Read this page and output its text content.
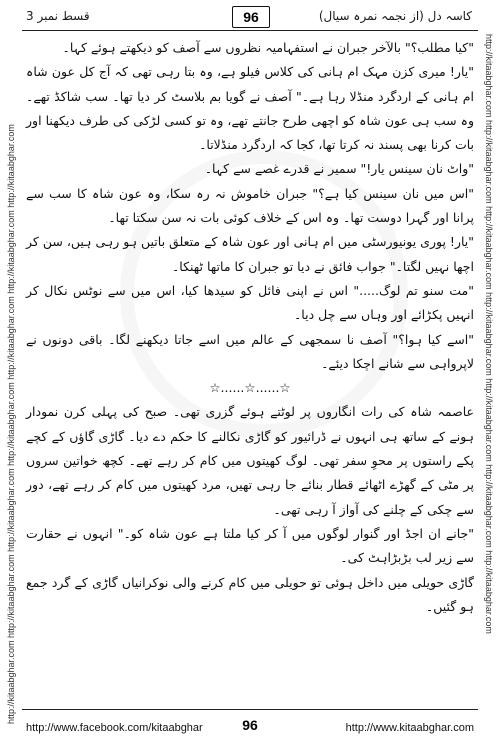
قسط نمبر 3	96	کاسہ دل (از نجمہ نمرہ سیال)
http://kitaabghar.com http://kitaabghar.com http://kitaabghar.com http://kitaabghar.com http://kitaabghar.com http://kitaabghar.com http://kitaabghar.com	http://kitaabghar.com http://kitaabghar.com http://kitaabghar.com http://kitaabghar.com http://kitaabghar.com http://kitaabghar.com http://kitaabghar.com

"کیا مطلب؟" بالآخر جبران نے استفہامیہ نظروں سے آصف کو دیکھتے ہوئے کہا۔

"یار! میری کزن مہک ام ہانی کی کلاس فیلو ہے، وہ بتا رہی تھی کہ آج کل عون شاہ ام ہانی کے اردگرد منڈلا رہا ہے۔" آصف نے گویا بم بلاسٹ کر دیا تھا۔ سب شاکڈ تھے۔ وہ سب ہی عون شاہ کو اچھی طرح جانتے تھے، وہ تو کسی لڑکی کی طرف دیکھنا اور بات کرنا بھی پسند نہ کرتا تھا، کجا کہ اردگرد منڈلاتا۔

"واٹ نان سینس یار!" سمیر نے قدرے غصے سے کہا۔

"اس میں نان سینس کیا ہے؟" جبران خاموش نہ رہ سکا، وہ عون شاہ کا سب سے پرانا اور گہرا دوست تھا۔ وہ اس کے خلاف کوئی بات نہ سن سکتا تھا۔

"یار! پوری یونیورسٹی میں ام ہانی اور عون شاہ کے متعلق باتیں ہو رہی ہیں، سن کر اچھا نہیں لگتا۔" جواب فائق نے دیا تو جبران کا ماتھا ٹھنکا۔

"مت سنو تم لوگ....." اس نے اپنی فائل کو سیدھا کیا، اس میں سے نوٹس نکال کر انہیں پکڑائے اور وہاں سے چل دیا۔

"اسے کیا ہوا؟" آصف نا سمجھی کے عالم میں اسے جاتا دیکھنے لگا۔ باقی دونوں نے لاپرواہی سے شانے اچکا دیئے۔

☆......☆......☆

عاصمہ شاہ کی رات انگاروں پر لوٹتے ہوئے گزری تھی۔ صبح کی پہلی کرن نمودار ہونے کے ساتھ ہی انہوں نے ڈرائیور کو گاڑی نکالنے کا حکم دے دیا۔ گاڑی گاؤں کے کچے پکے راستوں پر محوِ سفر تھی۔ لوگ کھیتوں میں کام کر رہے تھے۔ کچھ خواتین سروں پر مٹی کے گھڑے اٹھائے قطار بنائے جا رہی تھیں، مرد کھیتوں میں کام کر رہے تھے، دور سے چکی کے چلنے کی آواز آ رہی تھی۔

"جانے ان اجڈ اور گنوار لوگوں میں آ کر کیا ملتا ہے عون شاہ کو۔" انہوں نے حقارت سے زیر لب بڑبڑاہٹ کی۔

گاڑی حویلی میں داخل ہوئی تو حویلی میں کام کرنے والی نوکرانیاں گاڑی کے گرد جمع ہو گئیں۔

http://www.facebook.com/kitaabghar	96	http://www.kitaabghar.com
